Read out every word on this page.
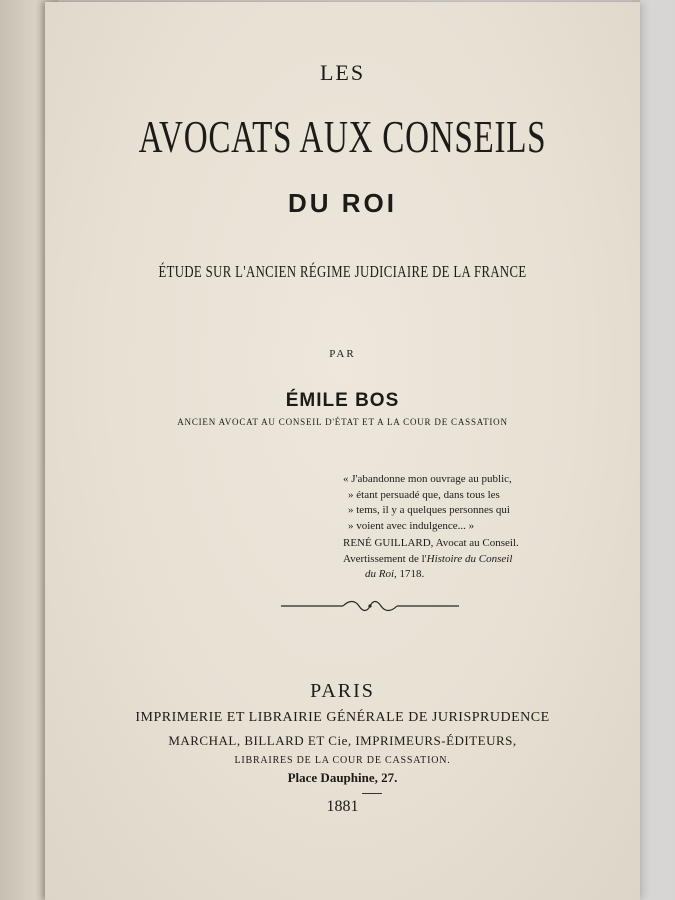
LES
AVOCATS AUX CONSEILS
DU ROI
ÉTUDE SUR L'ANCIEN RÉGIME JUDICIAIRE DE LA FRANCE
PAR
ÉMILE BOS
ANCIEN AVOCAT AU CONSEIL D'ÉTAT ET A LA COUR DE CASSATION
« J'abandonne mon ouvrage au public,
» étant persuadé que, dans tous les
» tems, il y a quelques personnes qui
» voient avec indulgence... »
RENÉ GUILLARD, Avocat au Conseil.
Avertissement de l'Histoire du Conseil
du Roi, 1718.
PARIS
IMPRIMERIE ET LIBRAIRIE GÉNÉRALE DE JURISPRUDENCE
MARCHAL, BILLARD ET Cie, IMPRIMEURS-ÉDITEURS,
LIBRAIRES DE LA COUR DE CASSATION.
Place Dauphine, 27.
1881
